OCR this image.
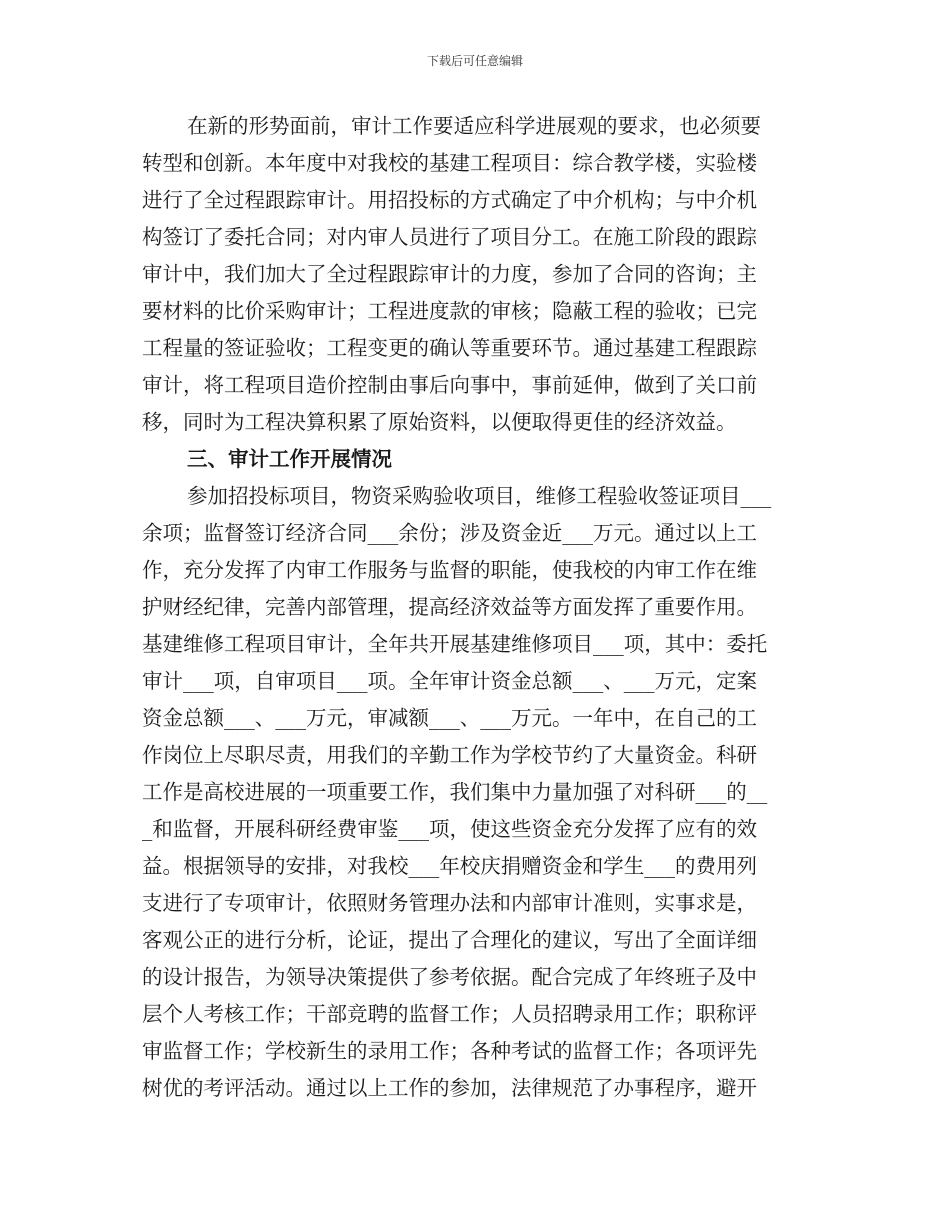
下载后可任意编辑
在新的形势面前，审计工作要适应科学进展观的要求，也必须要
转型和创新。本年度中对我校的基建工程项目：综合教学楼，实验楼
进行了全过程跟踪审计。用招投标的方式确定了中介机构；与中介机
构签订了委托合同；对内审人员进行了项目分工。在施工阶段的跟踪
审计中，我们加大了全过程跟踪审计的力度，参加了合同的咨询；主
要材料的比价采购审计；工程进度款的审核；隐蔽工程的验收；已完
工程量的签证验收；工程变更的确认等重要环节。通过基建工程跟踪
审计，将工程项目造价控制由事后向事中，事前延伸，做到了关口前
移，同时为工程决算积累了原始资料，以便取得更佳的经济效益。
三、审计工作开展情况
参加招投标项目，物资采购验收项目，维修工程验收签证项目___
余项；监督签订经济合同___余份；涉及资金近___万元。通过以上工
作，充分发挥了内审工作服务与监督的职能，使我校的内审工作在维
护财经纪律，完善内部管理，提高经济效益等方面发挥了重要作用。
基建维修工程项目审计，全年共开展基建维修项目___项，其中：委托
审计___项，自审项目___项。全年审计资金总额___、___万元，定案
资金总额___、___万元，审减额___、___万元。一年中，在自己的工
作岗位上尽职尽责，用我们的辛勤工作为学校节约了大量资金。科研
工作是高校进展的一项重要工作，我们集中力量加强了对科研___的__
_和监督，开展科研经费审鉴___项，使这些资金充分发挥了应有的效
益。根据领导的安排，对我校___年校庆捐赠资金和学生___的费用列
支进行了专项审计，依照财务管理办法和内部审计准则，实事求是，
客观公正的进行分析，论证，提出了合理化的建议，写出了全面详细
的设计报告，为领导决策提供了参考依据。配合完成了年终班子及中
层个人考核工作；干部竞聘的监督工作；人员招聘录用工作；职称评
审监督工作；学校新生的录用工作；各种考试的监督工作；各项评先
树优的考评活动。通过以上工作的参加，法律规范了办事程序，避开
